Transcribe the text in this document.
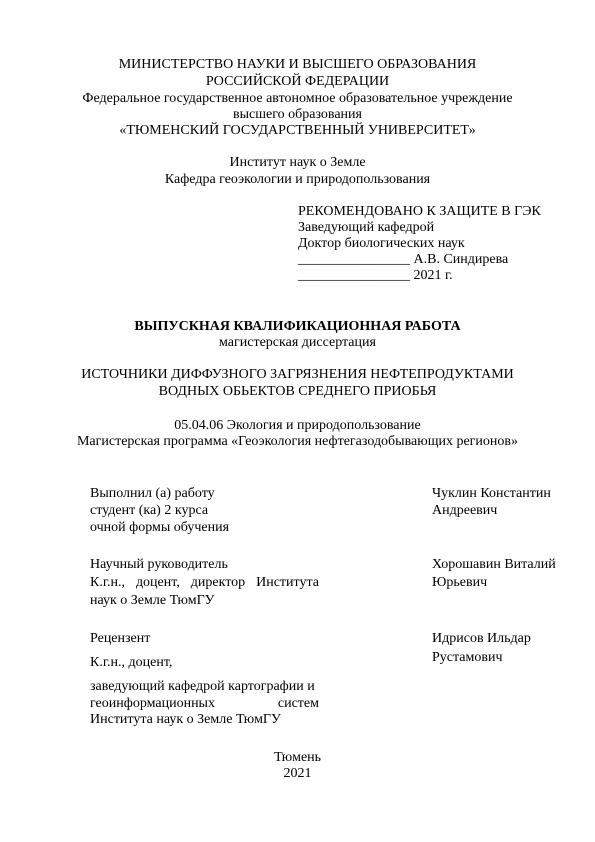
МИНИСТЕРСТВО НАУКИ И ВЫСШЕГО ОБРАЗОВАНИЯ
РОССИЙСКОЙ ФЕДЕРАЦИИ
Федеральное государственное автономное образовательное учреждение
высшего образования
«ТЮМЕНСКИЙ ГОСУДАРСТВЕННЫЙ УНИВЕРСИТЕТ»
Институт наук о Земле
Кафедра геоэкологии и природопользования
РЕКОМЕНДОВАНО К ЗАЩИТЕ В ГЭК
Заведующий кафедрой
Доктор биологических наук
________________ А.В. Синдирева
________________ 2021 г.
ВЫПУСКНАЯ КВАЛИФИКАЦИОННАЯ РАБОТА
магистерская диссертация
ИСТОЧНИКИ ДИФФУЗНОГО ЗАГРЯЗНЕНИЯ НЕФТЕПРОДУКТАМИ
ВОДНЫХ ОБЬЕКТОВ СРЕДНЕГО ПРИОБЬЯ
05.04.06 Экология и природопользование
Магистерская программа «Геоэкология нефтегазодобывающих регионов»
Выполнил (а) работу
студент (ка) 2 курса
очной формы обучения
Чуклин Константин
Андреевич
Научный руководитель
К.г.н., доцент, директор Института
наук о Земле ТюмГУ
Хорошавин Виталий
Юрьевич
Рецензент
К.г.н., доцент,
заведующий кафедрой картографии и
геоинформационных	систем
Института наук о Земле ТюмГУ
Идрисов Ильдар
Рустамович
Тюмень
2021
